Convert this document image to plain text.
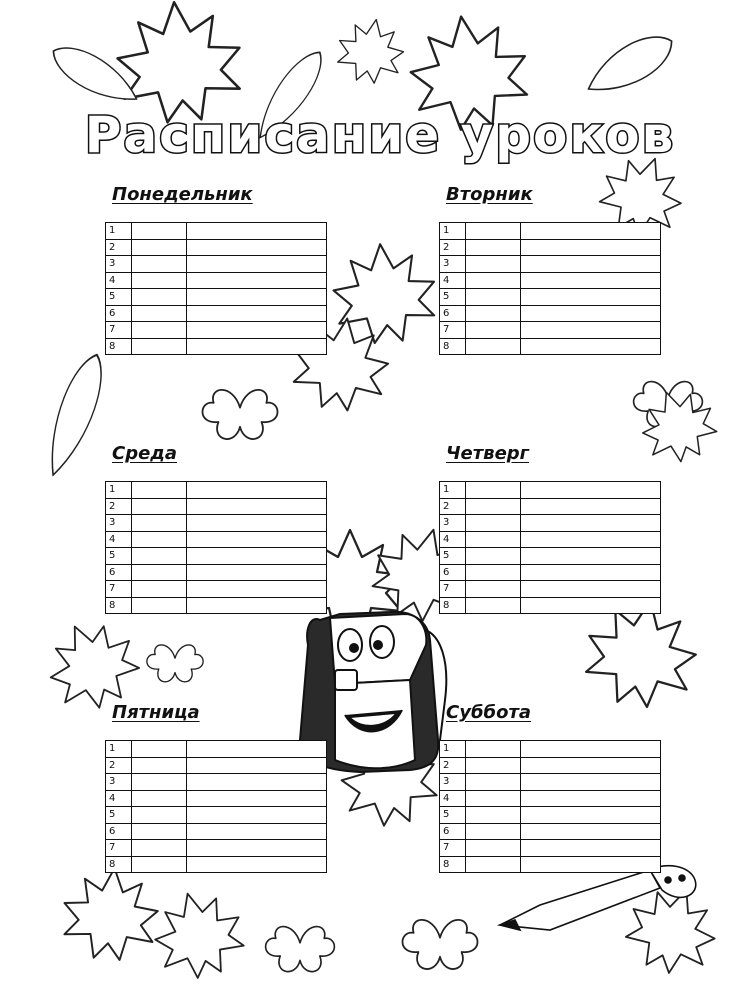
Расписание уроков
Понедельник	Вторник
Среда	Четверг
Пятница	Суббота
1		
2		
3		
4		
5		
6		
7		
8		
1		
2		
3		
4		
5		
6		
7		
8		
1		
2		
3		
4		
5		
6		
7		
8		
1		
2		
3		
4		
5		
6		
7		
8		
1		
2		
3		
4		
5		
6		
7		
8		
1		
2		
3		
4		
5		
6		
7		
8		
